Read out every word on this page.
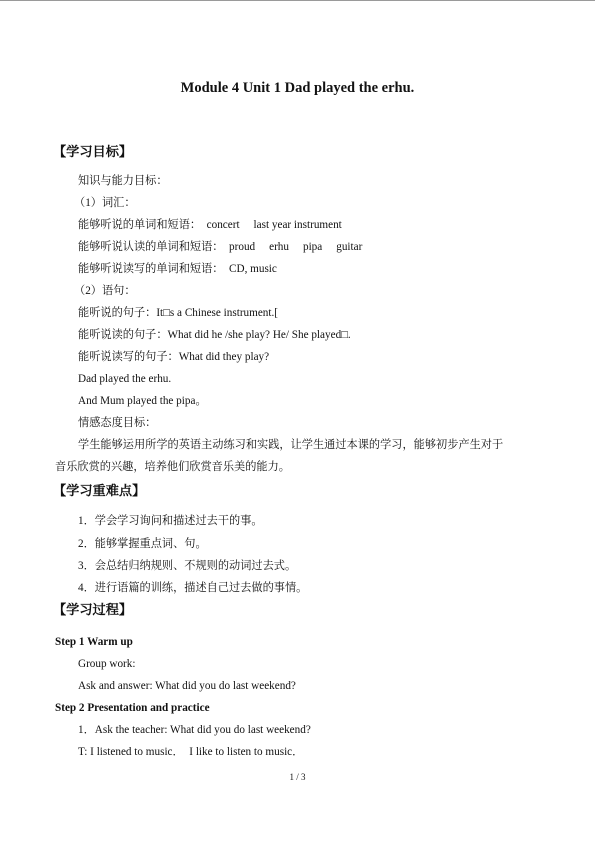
Module 4 Unit 1 Dad played the erhu.
【学习目标】
知识与能力目标：
（1）词汇：
能够听说的单词和短语：　concert　 last year instrument
能够听说认读的单词和短语：　proud　 erhu　 pipa　 guitar
能够听说读写的单词和短语：　CD, music
（2）语句：
能听说的句子：It□s a Chinese instrument.[
能听说读的句子：What did he /she play? He/ She played□.
能听说读写的句子：What did they play?
Dad played the erhu.
And Mum played the pipa。
情感态度目标：
学生能够运用所学的英语主动练习和实践，让学生通过本课的学习，能够初步产生对于
音乐欣赏的兴趣，培养他们欣赏音乐美的能力。
【学习重难点】
1．学会学习询问和描述过去干的事。
2．能够掌握重点词、句。
3．会总结归纳规则、不规则的动词过去式。
4．进行语篇的训练，描述自己过去做的事情。
【学习过程】
Step 1 Warm up
Group work:
Ask and answer: What did you do last weekend?
Step 2 Presentation and practice
1．Ask the teacher: What did you do last weekend?
T: I listened to music．　I like to listen to music．
1 / 3
